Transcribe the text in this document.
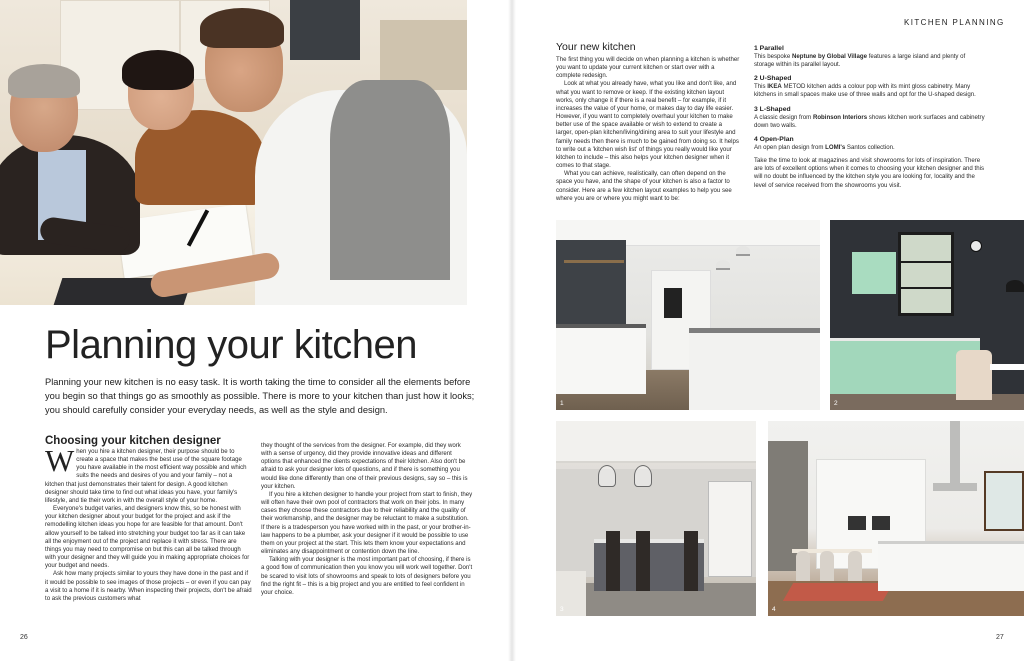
Planning your kitchen

Planning your new kitchen is no easy task. It is worth taking the time to consider all the elements before you begin so that things go as smoothly as possible. There is more to your kitchen than just how it looks; you should carefully consider your everyday needs, as well as the style and design.

Choosing your kitchen designer
W hen you hire a kitchen designer, their purpose should be to create a space that makes the best use of the square footage you have available in the most efficient way possible and which suits the needs and desires of you and your family – not a kitchen that just demonstrates their talent for design. A good kitchen designer should take time to find out what ideas you have, your family's lifestyle, and tie their work in with the overall style of your home.

Everyone's budget varies, and designers know this, so be honest with your kitchen designer about your budget for the project and ask if the remodelling kitchen ideas you hope for are feasible for that amount. Don't allow yourself to be talked into stretching your budget too far as it can take all the enjoyment out of the project and replace it with stress. There are things you may need to compromise on but this can all be talked through with your designer and they will guide you in making appropriate choices for your budget and needs.

Ask how many projects similar to yours they have done in the past and if it would be possible to see images of those projects – or even if you can pay a visit to a home if it is nearby. When inspecting their projects, don't be afraid to ask the previous customers what

they thought of the services from the designer. For example, did they work with a sense of urgency, did they provide innovative ideas and different options that enhanced the clients expectations of their kitchen. Also don't be afraid to ask your designer lots of questions, and if there is something you would like done differently than one of their previous designs, say so – this is your kitchen.

If you hire a kitchen designer to handle your project from start to finish, they will often have their own pool of contractors that work on their jobs. In many cases they choose these contractors due to their reliability and the quality of their workmanship, and the designer may be reluctant to make a substitution. If there is a tradesperson you have worked with in the past, or your brother-in-law happens to be a plumber, ask your designer if it would be possible to use them on your project at the start. This lets them know your expectations and eliminates any disappointment or contention down the line.

Talking with your designer is the most important part of choosing, if there is a good flow of communication then you know you will work well together. Don't be scared to visit lots of showrooms and speak to lots of designers before you find the right fit – this is a big project and you are entitled to feel confident in your choice.

26
KITCHEN PLANNING
Your new kitchen

The first thing you will decide on when planning a kitchen is whether you want to update your current kitchen or start over with a complete redesign.

Look at what you already have, what you like and don't like, and what you want to remove or keep. If the existing kitchen layout works, only change it if there is a real benefit – for example, if it increases the value of your home, or makes day to day life easier. However, if you want to completely overhaul your kitchen to make better use of the space available or wish to extend to create a larger, open-plan kitchen/living/dining area to suit your lifestyle and family needs then there is much to be gained from doing so. It helps to write out a 'kitchen wish list' of things you really would like your kitchen to include – this also helps your kitchen designer when it comes to that stage.

What you can achieve, realistically, can often depend on the space you have, and the shape of your kitchen is also a factor to consider. Here are a few kitchen layout examples to help you see where you are or where you might want to be:

1 Parallel
This bespoke Neptune by Global Village features a large island and plenty of storage within its parallel layout.
2 U-Shaped
This IKEA METOD kitchen adds a colour pop with its mint gloss cabinetry. Many kitchens in small spaces make use of three walls and opt for the U-shaped design.
3 L-Shaped
A classic design from Robinson Interiors shows kitchen work surfaces and cabinetry down two walls.
4 Open-Plan
An open plan design from LOMI's Santos collection.

Take the time to look at magazines and visit showrooms for lots of inspiration. There are lots of excellent options when it comes to choosing your kitchen designer and this will no doubt be influenced by the kitchen style you are looking for, locality and the level of service received from the showrooms you visit.

1	2
3	4
27
